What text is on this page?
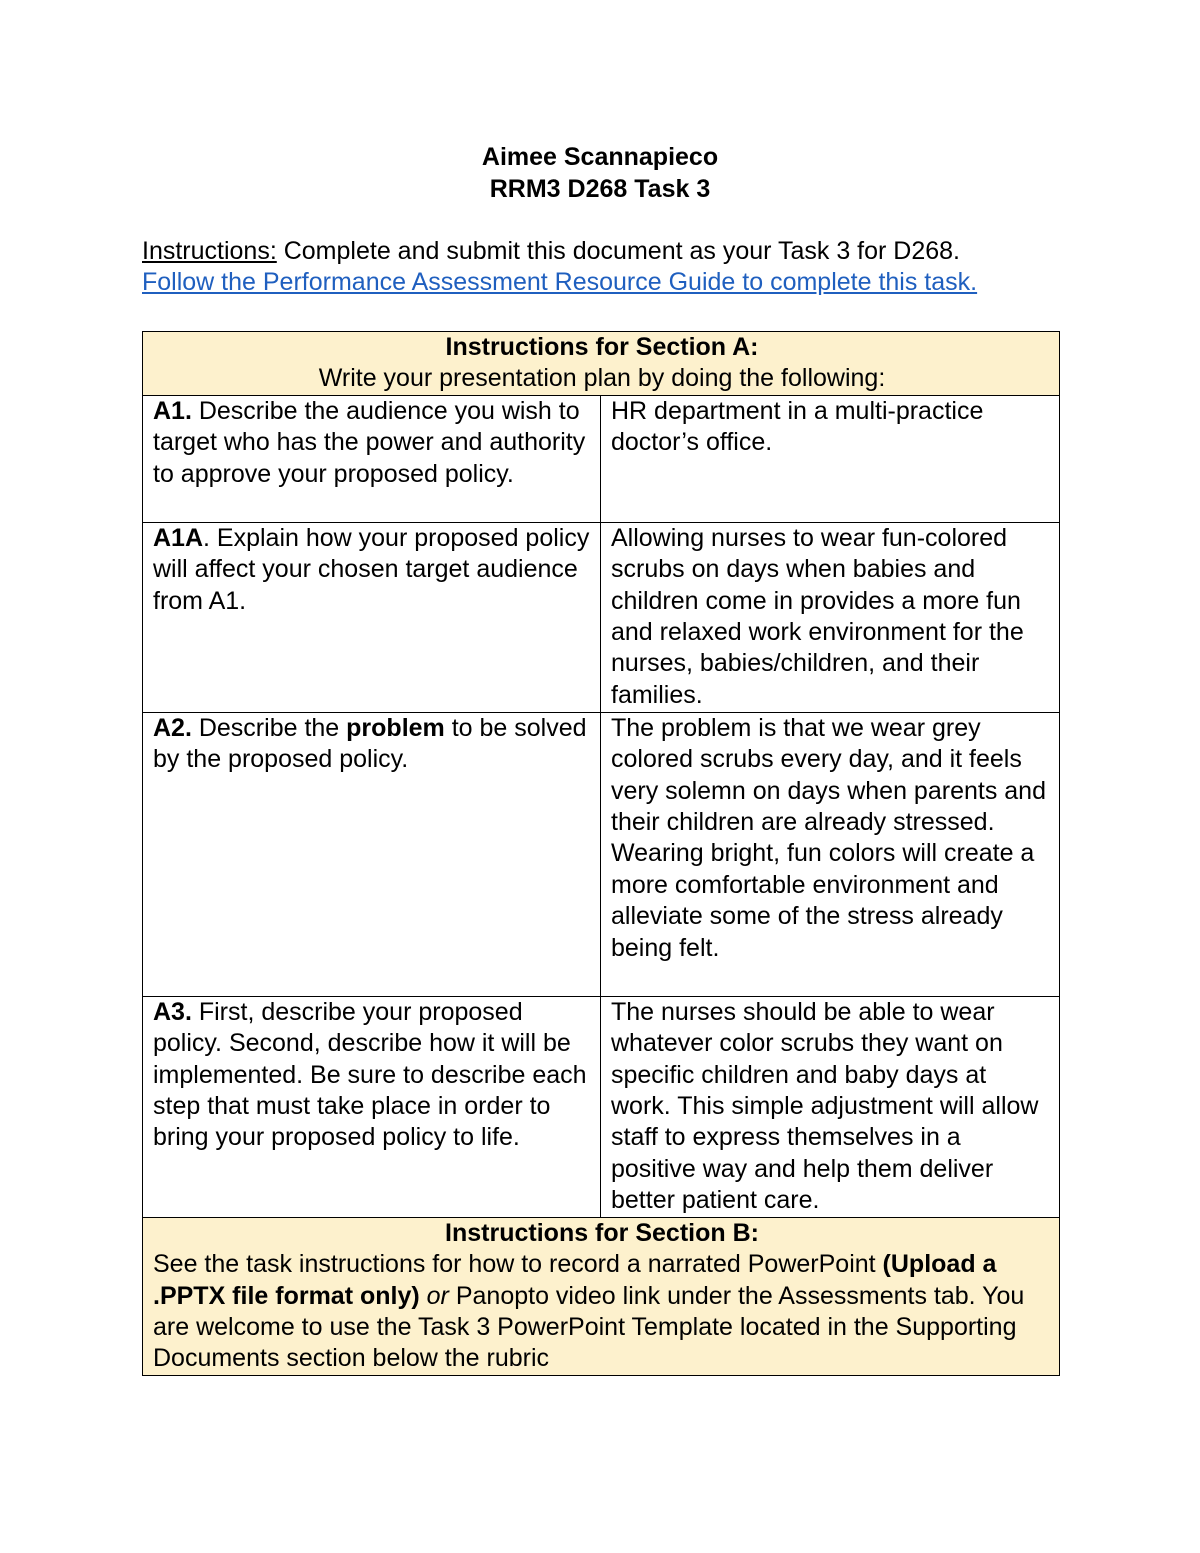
Aimee Scannapieco
RRM3 D268 Task 3
Instructions: Complete and submit this document as your Task 3 for D268.
Follow the Performance Assessment Resource Guide to complete this task.
Instructions for Section A:
Write your presentation plan by doing the following:	
A1. Describe the audience you wish to target who has the power and authority to approve your proposed policy.	HR department in a multi-practice doctor’s office.
A1A. Explain how your proposed policy will affect your chosen target audience from A1.	Allowing nurses to wear fun-colored scrubs on days when babies and children come in provides a more fun and relaxed work environment for the nurses, babies/children, and their families.
A2. Describe the problem to be solved by the proposed policy.	The problem is that we wear grey colored scrubs every day, and it feels very solemn on days when parents and their children are already stressed. Wearing bright, fun colors will create a more comfortable environment and alleviate some of the stress already being felt.
A3. First, describe your proposed policy. Second, describe how it will be implemented. Be sure to describe each step that must take place in order to bring your proposed policy to life.	The nurses should be able to wear whatever color scrubs they want on specific children and baby days at work. This simple adjustment will allow staff to express themselves in a positive way and help them deliver better patient care.

Instructions for Section B:
See the task instructions for how to record a narrated PowerPoint (Upload a .PPTX file format only) or Panopto video link under the Assessments tab. You are welcome to use the Task 3 PowerPoint Template located in the Supporting Documents section below the rubric	
